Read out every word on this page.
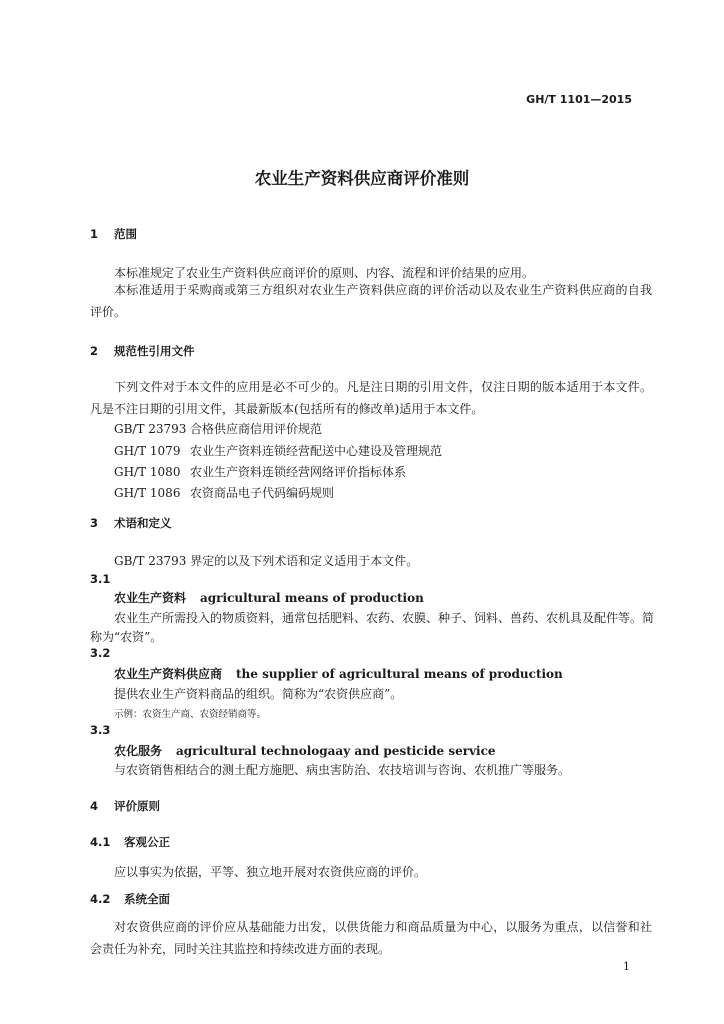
GH/T 1101—2015
农业生产资料供应商评价准则
1 范围
本标准规定了农业生产资料供应商评价的原则、内容、流程和评价结果的应用。

本标准适用于采购商或第三方组织对农业生产资料供应商的评价活动以及农业生产资料供应商的自我评价。

2 规范性引用文件

下列文件对于本文件的应用是必不可少的。凡是注日期的引用文件，仅注日期的版本适用于本文件。凡是不注日期的引用文件，其最新版本(包括所有的修改单)适用于本文件。

GB/T 23793 合格供应商信用评价规范
GH/T 1079 农业生产资料连锁经营配送中心建设及管理规范
GH/T 1080 农业生产资料连锁经营网络评价指标体系
GH/T 1086 农资商品电子代码编码规则
3 术语和定义
GB/T 23793 界定的以及下列术语和定义适用于本文件。
3.1
农业生产资料 agricultural means of production
农业生产所需投入的物质资料，通常包括肥料、农药、农膜、种子、饲料、兽药、农机具及配件等。简
称为“农资”。
3.2
农业生产资料供应商 the supplier of agricultural means of production
提供农业生产资料商品的组织。简称为“农资供应商”。
示例：农资生产商、农资经销商等。
3.3
农化服务 agricultural technologaay and pesticide service
与农资销售相结合的测土配方施肥、病虫害防治、农技培训与咨询、农机推广等服务。
4 评价原则
4.1 客观公正
应以事实为依据，平等、独立地开展对农资供应商的评价。
4.2 系统全面

对农资供应商的评价应从基础能力出发，以供货能力和商品质量为中心，以服务为重点，以信誉和社会责任为补充，同时关注其监控和持续改进方面的表现。

1
